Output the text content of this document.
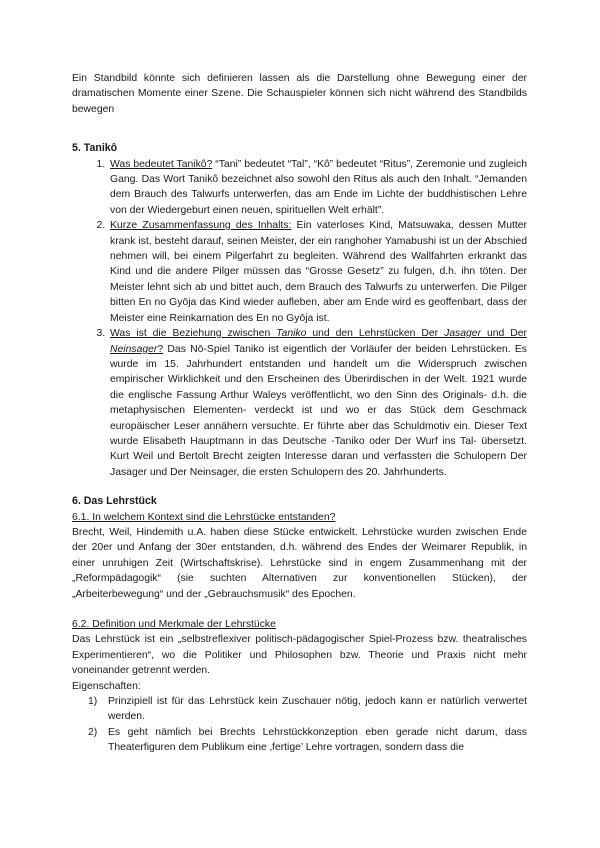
Ein Standbild könnte sich definieren lassen als die Darstellung ohne Bewegung einer der dramatischen Momente einer Szene. Die Schauspieler können sich nicht während des Standbilds bewegen

5. Tanikô
1. Was bedeutet Tanikô? “Tani” bedeutet “Tal”, “Kô” bedeutet “Ritus”, Zeremonie und zugleich Gang. Das Wort Tanikô bezeichnet also sowohl den Ritus als auch den Inhalt. “Jemanden dem Brauch des Talwurfs unterwerfen, das am Ende im Lichte der buddhistischen Lehre von der Wiedergeburt einen neuen, spirituellen Welt erhält”.
2. Kurze Zusammenfassung des Inhalts: Ein vaterloses Kind, Matsuwaka, dessen Mutter krank ist, besteht darauf, seinen Meister, der ein ranghoher Yamabushi ist un der Abschied nehmen will, bei einem Pilgerfahrt zu begleiten. Während des Wallfahrten erkrankt das Kind und die andere Pilger müssen das “Grosse Gesetz” zu fulgen, d.h. ihn töten. Der Meister lehnt sich ab und bittet auch, dem Brauch des Talwurfs zu unterwerfen. Die Pilger bitten En no Gyōja das Kind wieder aufleben, aber am Ende wird es geoffenbart, dass der Meister eine Reinkarnation des En no Gyōja ist.
3. Was ist die Beziehung zwischen Taniko und den Lehrstücken Der Jasager und Der Neinsager? Das Nō-Spiel Taniko ist eigentlich der Vorläufer der beiden Lehrstücken. Es wurde im 15. Jahrhundert entstanden und handelt um die Widerspruch zwischen empirischer Wirklichkeit und den Erscheinen des Überirdischen in der Welt. 1921 wurde die englische Fassung Arthur Waleys veröffentlicht, wo den Sinn des Originals- d.h. die metaphysischen Elementen- verdeckt ist und wo er das Stück dem Geschmack europäischer Leser annähern versuchte. Er führte aber das Schuldmotiv ein. Dieser Text wurde Elisabeth Hauptmann in das Deutsche -Taniko oder Der Wurf ins Tal- übersetzt. Kurt Weil und Bertolt Brecht zeigten Interesse daran und verfassten die Schulopern Der Jasager und Der Neinsager, die ersten Schulopern des 20. Jahrhunderts.
6. Das Lehrstück

6.1. In welchem Kontext sind die Lehrstücke entstanden?

Brecht, Weil, Hindemith u.A. haben diese Stücke entwickelt. Lehrstücke wurden zwischen Ende der 20er und Anfang der 30er entstanden, d.h. während des Endes der Weimarer Republik, in einer unruhigen Zeit (Wirtschaftskrise). Lehrstücke sind in engem Zusammenhang mit der „Reformpädagogik“ (sie suchten Alternativen zur konventionellen Stücken), der „Arbeiterbewegung“ und der „Gebrauchsmusik“ des Epochen.

6.2. Definition und Merkmale der Lehrstücke

Das Lehrstück ist ein „selbstreflexiver politisch-pädagogischer Spiel-Prozess bzw. theatralisches Experimentieren“, wo die Politiker und Philosophen bzw. Theorie und Praxis nicht mehr voneinander getrennt werden.

Eigenschaften:

1) Prinzipiell ist für das Lehrstück kein Zuschauer nötig, jedoch kann er natürlich verwertet werden.
2) Es geht nämlich bei Brechts Lehrstückkonzeption eben gerade nicht darum, dass Theaterfiguren dem Publikum eine ‚fertige’ Lehre vortragen, sondern dass die
